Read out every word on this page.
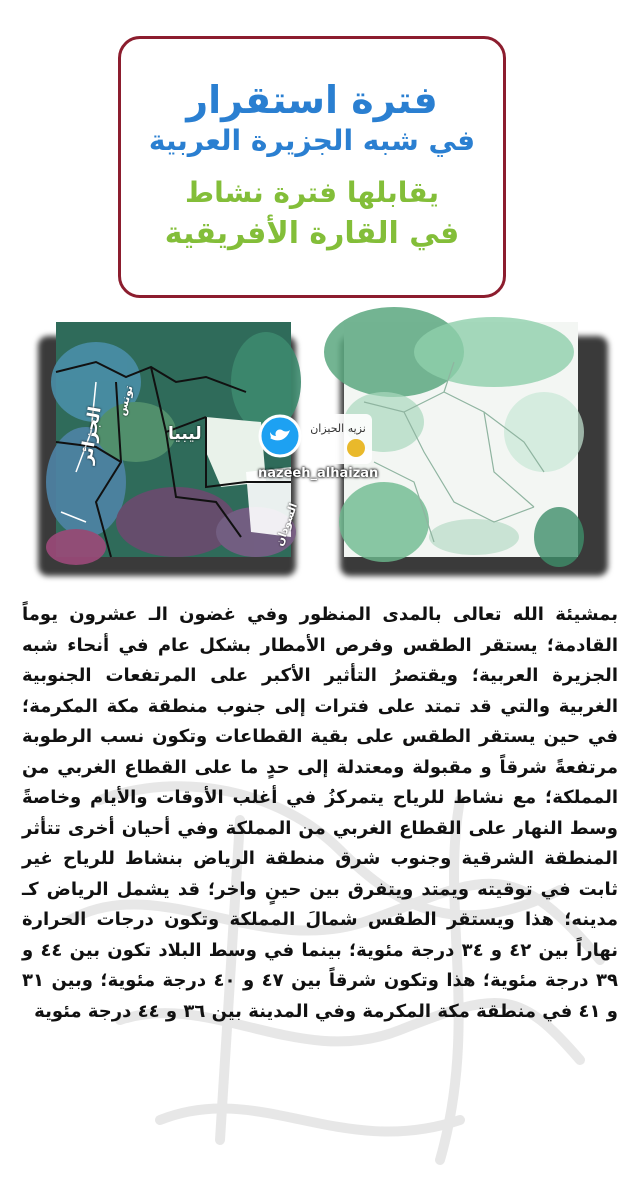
فترة استقرار
في شبه الجزيرة العربية
يقابلها فترة نشاط
في القارة الأفريقية
ليبيا
الجزائر
تونس
السودان
نزيه الحيزان
nazeeh_alhaizan
بمشيئة الله تعالى بالمدى المنظور وفي غضون الـ عشرون يوماً القادمة؛ يستقر الطقس وفرص الأمطار بشكل عام في أنحاء شبه الجزيرة العربية؛ ويقتصرُ التأثير الأكبر على المرتفعات الجنوبية الغربية والتي قد تمتد على فترات إلى جنوب منطقة مكة المكرمة؛ في حين يستقر الطقس على بقية القطاعات وتكون نسب الرطوبة مرتفعةً شرقاً و مقبولة ومعتدلة إلى حدٍ ما على القطاع الغربي من المملكة؛ مع نشاط للرياح يتمركزُ في أغلب الأوقات والأيام وخاصةً وسط النهار على القطاع الغربي من المملكة وفي أحيان أخرى تتأثر المنطقة الشرقية وجنوب شرق منطقة الرياض بنشاط للرياح غير ثابت في توقيته ويمتد ويتفرق بين حينٍ واخر؛ قد يشمل الرياض كـ مدينه؛ هذا ويستقر الطقس شمالَ المملكة وتكون درجات الحرارة نهاراً بين ٤٢ و ٣٤ درجة مئوية؛ بينما في وسط البلاد تكون بين ٤٤ و ٣٩ درجة مئوية؛ هذا وتكون شرقاً بين ٤٧ و ٤٠ درجة مئوية؛ وبين ٣١ و ٤١ في منطقة مكة المكرمة وفي المدينة بين ٣٦ و ٤٤ درجة مئوية
